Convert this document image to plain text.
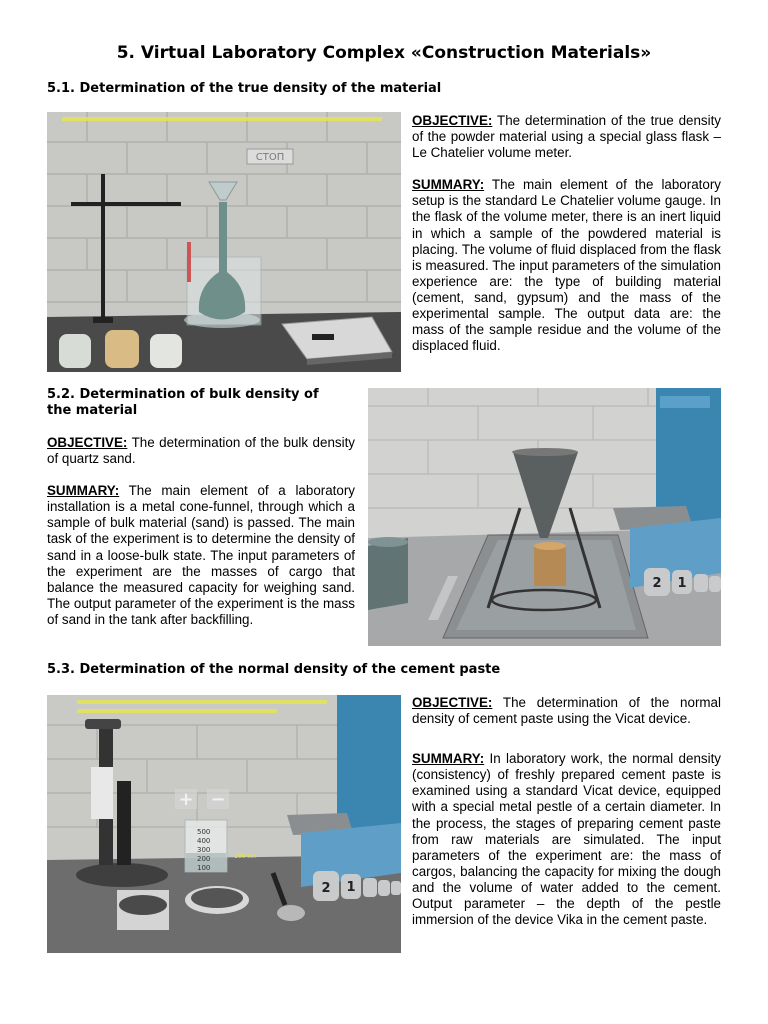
5. Virtual Laboratory Complex «Construction Materials»
5.1. Determination of the true density of the material
СТОП
OBJECTIVE: The determination of the true density of the powder material using a special glass flask – Le Chatelier volume meter.
SUMMARY: The main element of the laboratory setup is the standard Le Chatelier volume gauge. In the flask of the volume meter, there is an inert liquid in which a sample of the powdered material is placing. The volume of fluid displaced from the flask is measured. The input parameters of the simulation experience are: the type of building material (cement, sand, gypsum) and the mass of the experimental sample. The output data are: the mass of the sample residue and the volume of the displaced fluid.
5.2. Determination of bulk density of the material
OBJECTIVE: The determination of the bulk density of quartz sand.
SUMMARY: The main element of a laboratory installation is a metal cone-funnel, through which a sample of bulk material (sand) is passed. The main task of the experiment is to determine the density of sand in a loose-bulk state. The input parameters of the experiment are the masses of cargo that balance the measured capacity for weighing sand. The output parameter of the experiment is the mass of sand in the tank after backfilling.
2 1
5.3. Determination of the normal density of the cement paste
+ −
500
400
300
200
100
100 мл
2 1
OBJECTIVE: The determination of the normal density of cement paste using the Vicat device.
SUMMARY: In laboratory work, the normal density (consistency) of freshly prepared cement paste is examined using a standard Vicat device, equipped with a special metal pestle of a certain diameter. In the process, the stages of preparing cement paste from raw materials are simulated. The input parameters of the experiment are: the mass of cargos, balancing the capacity for mixing the dough and the volume of water added to the cement. Output parameter – the depth of the pestle immersion of the device Vika in the cement paste.
